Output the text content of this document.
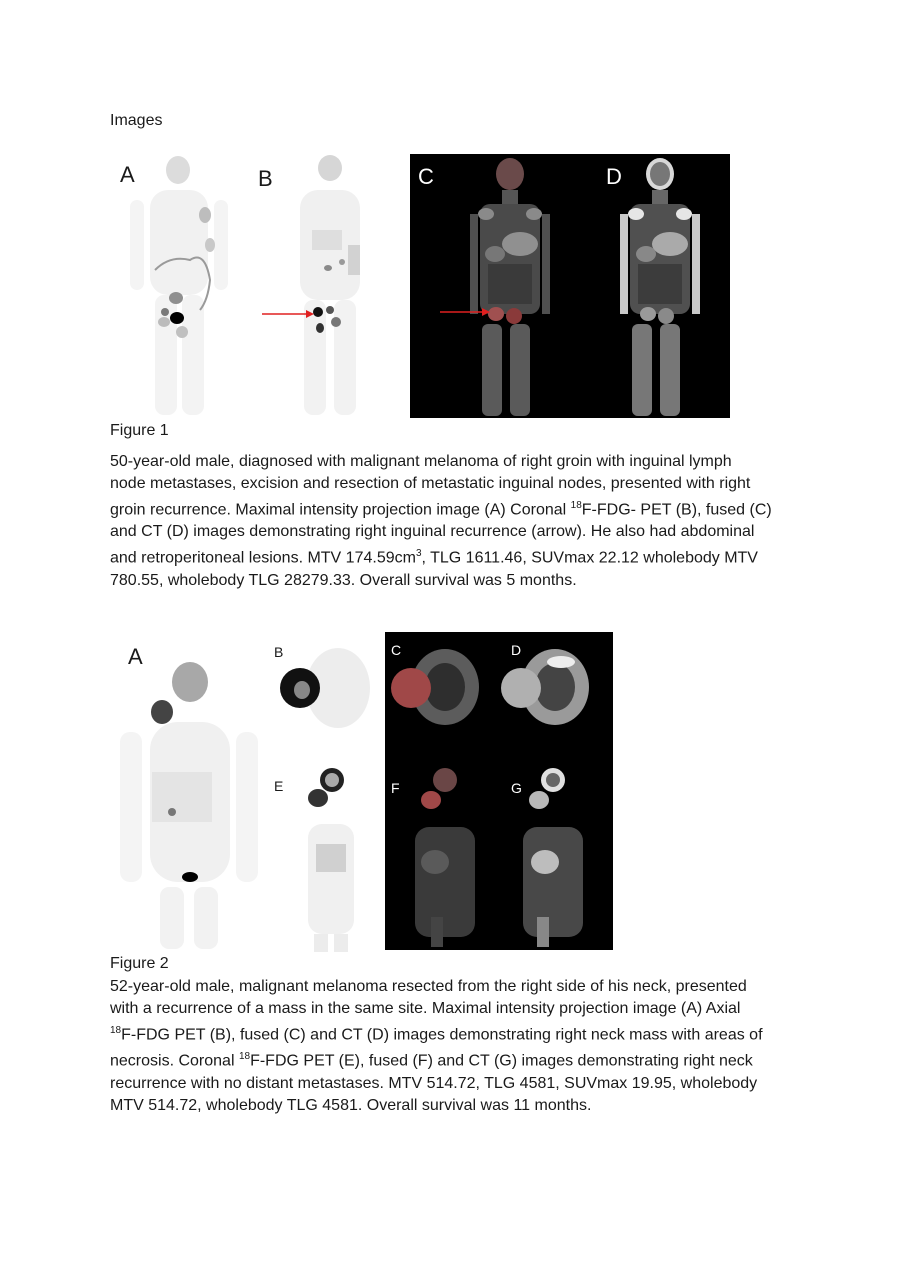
Images
A	B	C	D
Figure 1
50-year-old male, diagnosed with malignant melanoma of right groin with inguinal lymph
node metastases, excision and resection of metastatic inguinal nodes, presented with right
groin recurrence. Maximal intensity projection image (A) Coronal $^{18}$F-FDG- PET (B), fused (C)
and CT (D) images demonstrating right inguinal recurrence (arrow). He also had abdominal
and retroperitoneal lesions. MTV $174.59cm^3$, TLG 1611.46, SUVmax 22.12 wholebody MTV
780.55, wholebody TLG 28279.33. Overall survival was 5 months.
A	B
E
C	D
F	G
Figure 2
52-year-old male, malignant melanoma resected from the right side of his neck, presented
with a recurrence of a mass in the same site. Maximal intensity projection image (A) Axial
$^{18}$F-FDG PET (B), fused (C) and CT (D) images demonstrating right neck mass with areas of
necrosis. Coronal $^{18}$F-FDG PET (E), fused (F) and CT (G) images demonstrating right neck
recurrence with no distant metastases. MTV 514.72, TLG 4581, SUVmax 19.95, wholebody
MTV 514.72, wholebody TLG 4581. Overall survival was 11 months.
